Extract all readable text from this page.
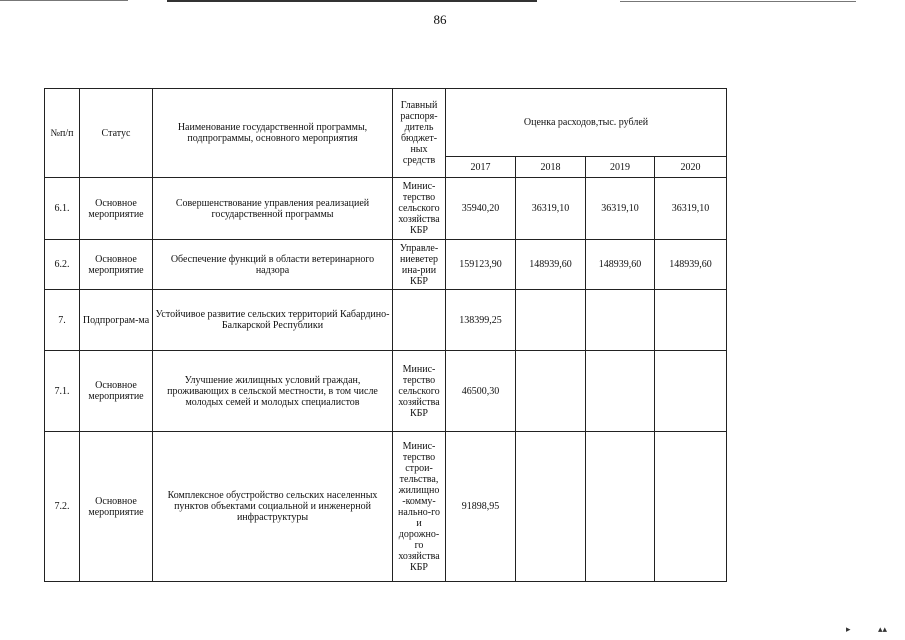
86
№п/п	Статус	Наименование государственной программы, подпрограммы, основного мероприятия	Главный распоря-дитель бюджет-ных средств	Оценка расходов,тыс. рублей			
				2017	2018	2019	2020
6.1.	Основное мероприятие	Совершенствование управления реализацией государственной программы	Минис-терство сельского хозяйства КБР	35940,20	36319,10	36319,10	36319,10
6.2.	Основное мероприятие	Обеспечение функций в области ветеринарного надзора	Управле-ниеветер ина-рии КБР	159123,90	148939,60	148939,60	148939,60
7.	Подпрограм-ма	Устойчивое развитие сельских территорий Кабардино-Балкарской Республики		138399,25			
7.1.	Основное мероприятие	Улучшение жилищных условий граждан, проживающих в сельской местности, в том числе молодых семей и молодых специалистов	Минис-терство сельского хозяйства КБР	46500,30			
7.2.	Основное мероприятие	Комплексное обустройство сельских населенных пунктов объектами социальной и инженерной инфраструктуры	Минис-терство строи-тельства, жилищно -комму-нально-го и дорожно-го хозяйства КБР	91898,95			
▸	▴▴
